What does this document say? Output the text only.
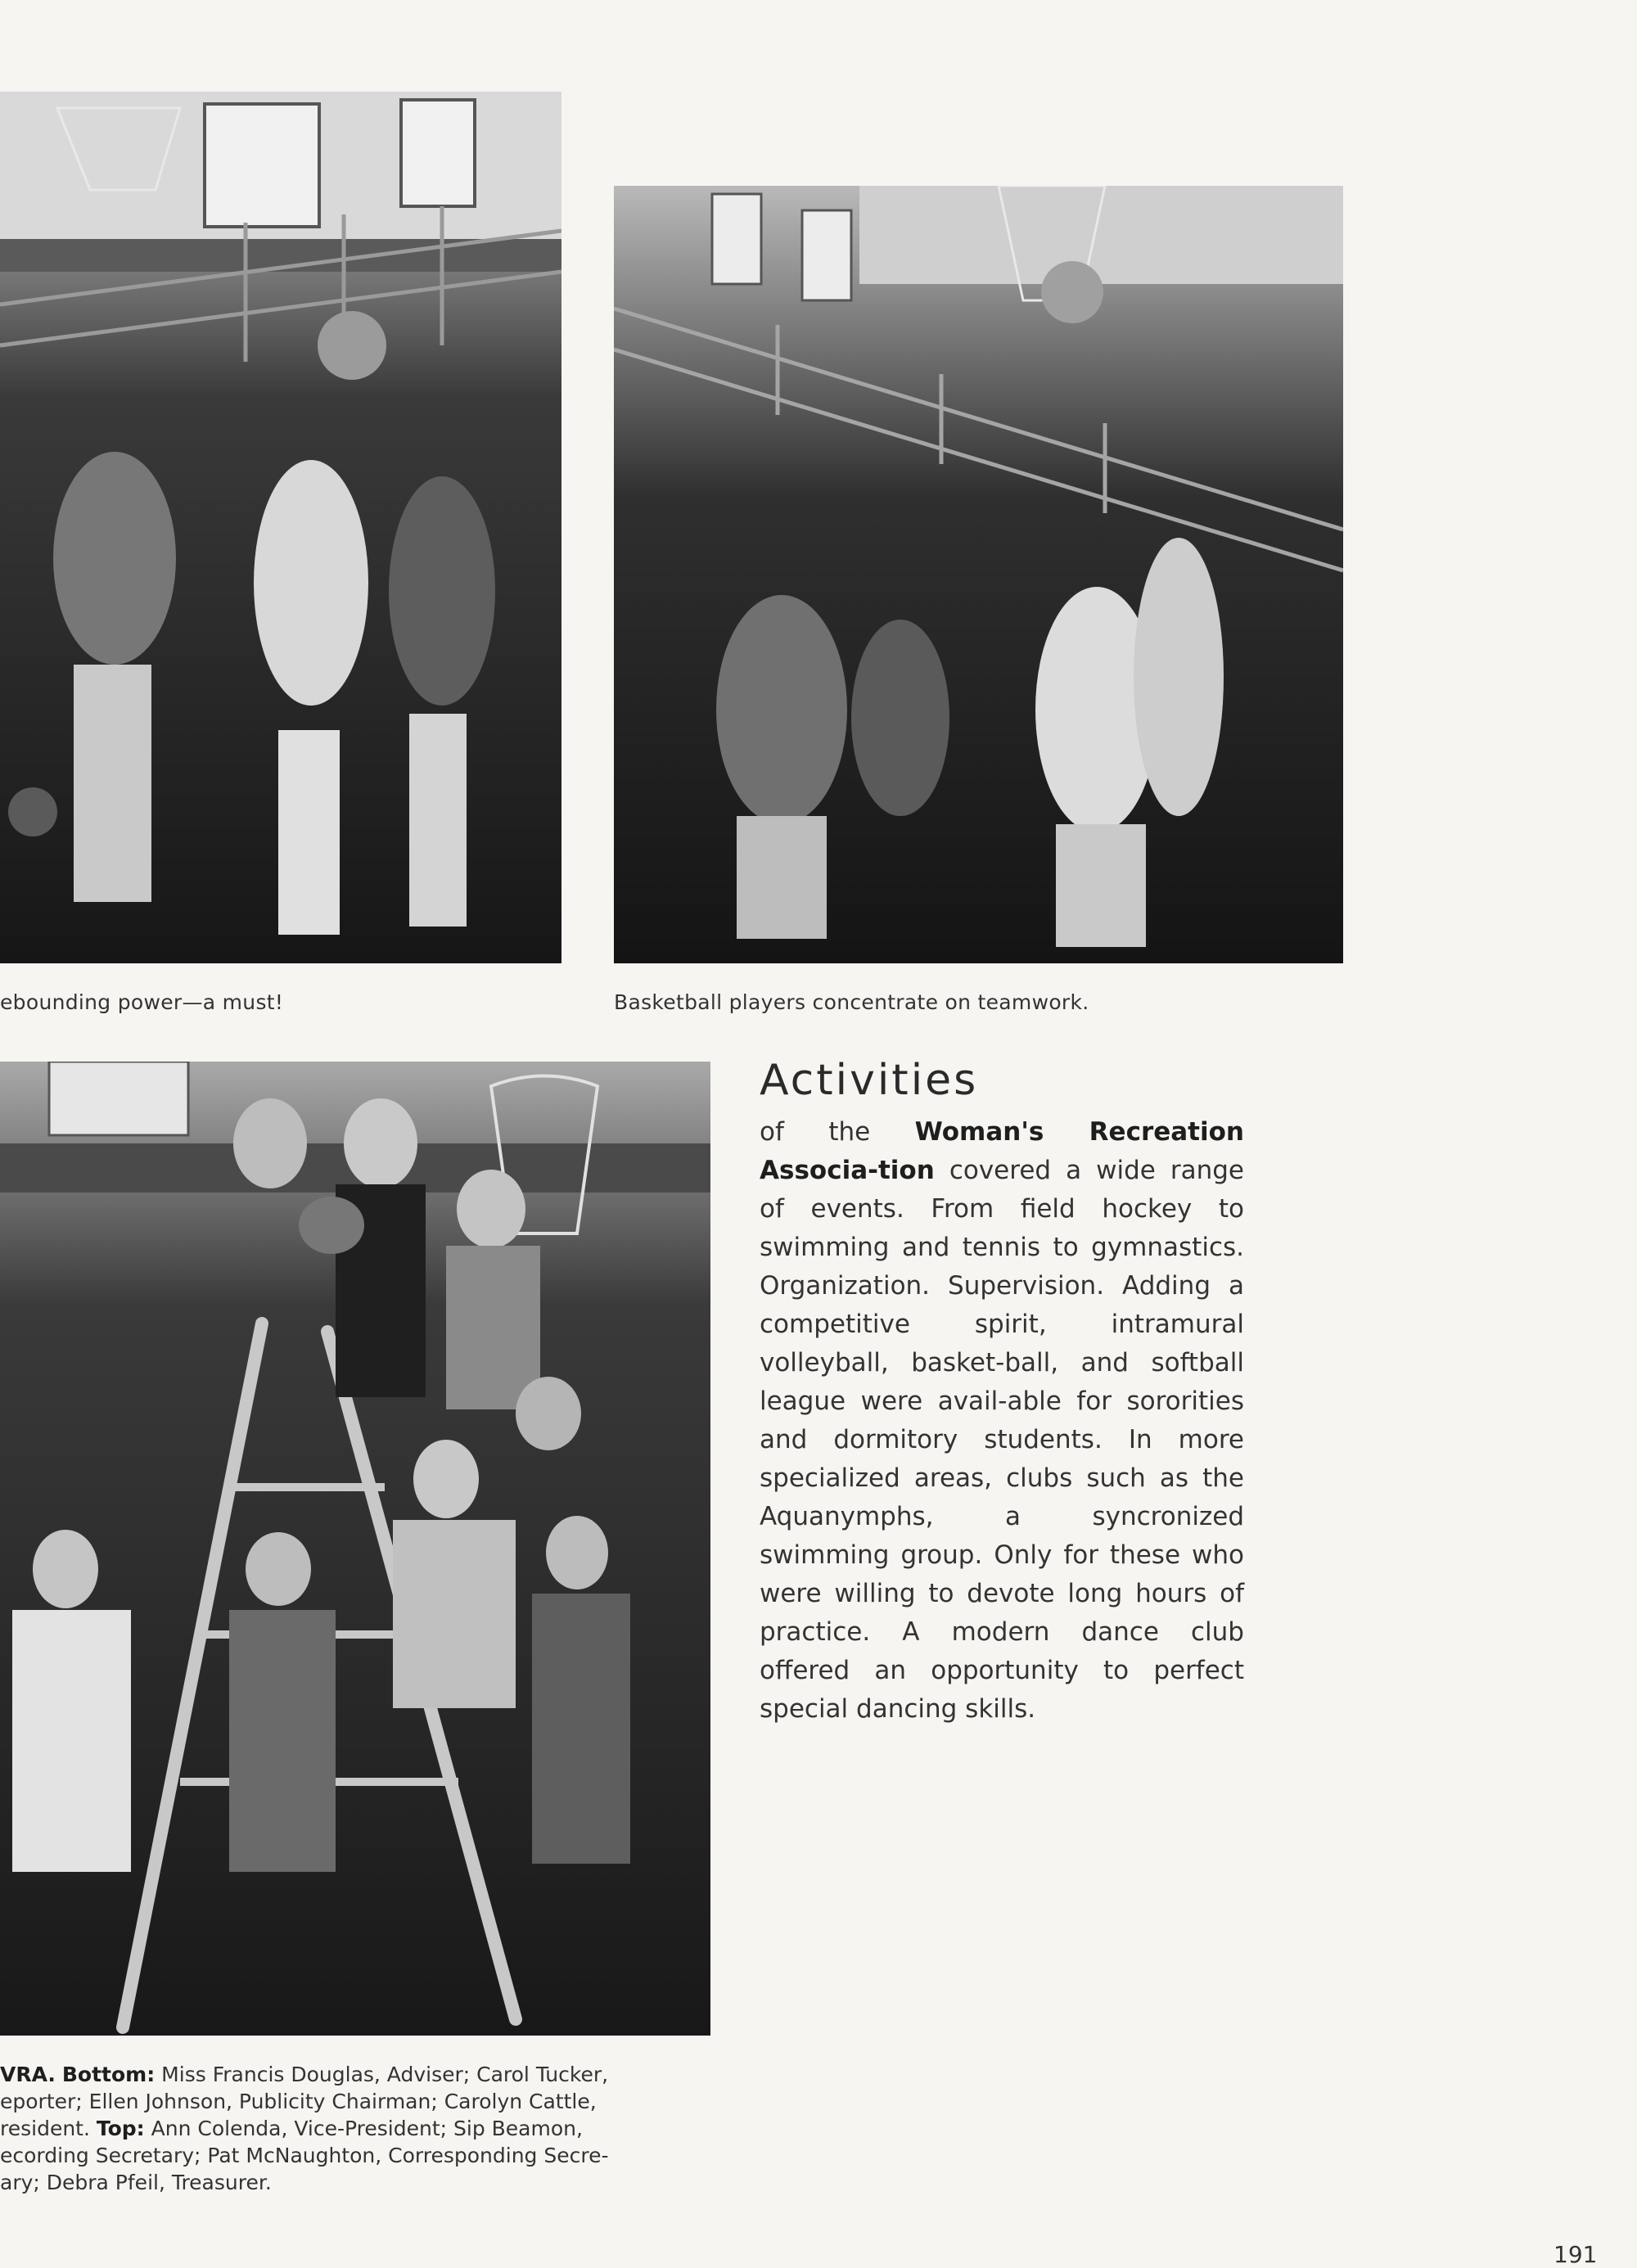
ebounding power—a must!	Basketball players concentrate on teamwork.
Activities

of the Woman's Recreation Associa-tion covered a wide range of events. From field hockey to swimming and tennis to gymnastics. Organization. Supervision. Adding a competitive spirit, intramural volleyball, basket-ball, and softball league were avail-able for sororities and dormitory students. In more specialized areas, clubs such as the Aquanymphs, a syncronized swimming group. Only for these who were willing to devote long hours of practice. A modern dance club offered an opportunity to perfect special dancing skills.

VRA. Bottom: Miss Francis Douglas, Adviser; Carol Tucker,
eporter; Ellen Johnson, Publicity Chairman; Carolyn Cattle,
resident. Top: Ann Colenda, Vice-President; Sip Beamon,
ecording Secretary; Pat McNaughton, Corresponding Secre-
ary; Debra Pfeil, Treasurer.

191
